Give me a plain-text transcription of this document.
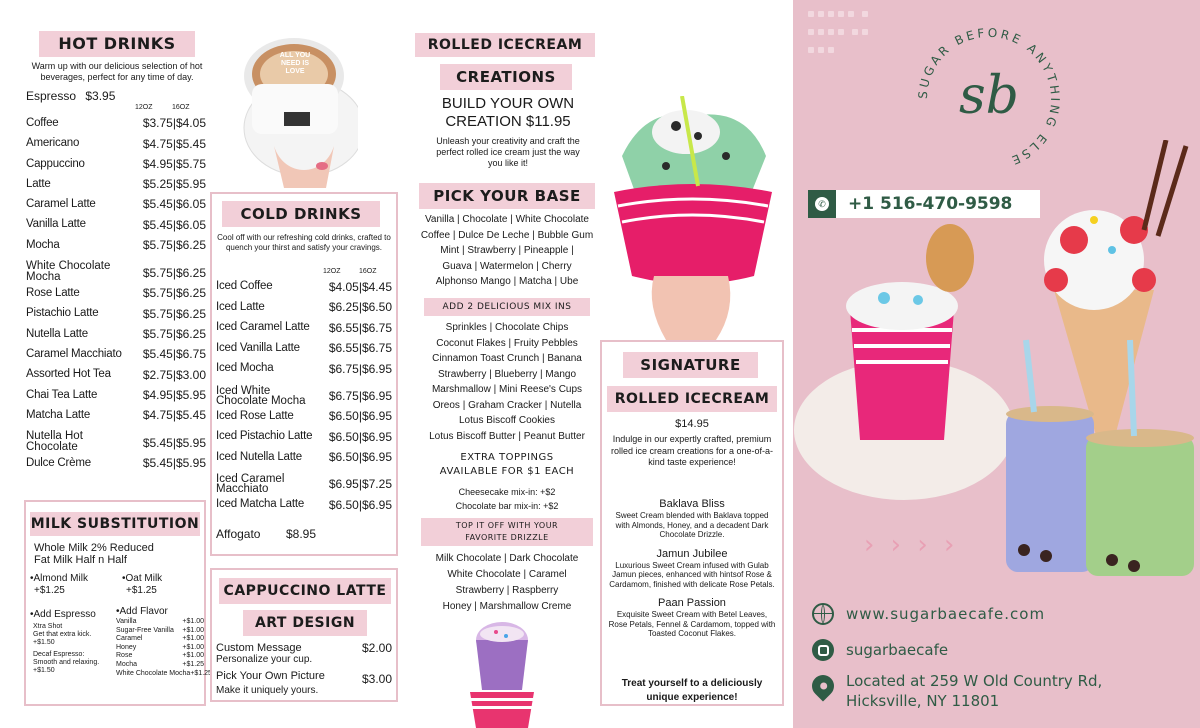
HOT DRINKS
Warm up with our delicious selection of hot beverages, perfect for any time of day.
Espresso $3.95
12OZ	16OZ
Coffee	$3.75|$4.05
Americano	$4.75|$5.45
Cappuccino	$4.95|$5.75
Latte	$5.25|$5.95
Caramel Latte	$5.45|$6.05
Vanilla Latte	$5.45|$6.05
Mocha	$5.75|$6.25
White Chocolate Mocha	$5.75|$6.25
Rose Latte	$5.75|$6.25
Pistachio Latte	$5.75|$6.25
Nutella Latte	$5.75|$6.25
Caramel Macchiato $5.45|$6.75
Assorted Hot Tea	$2.75|$3.00
Chai Tea Latte	$4.95|$5.95
Matcha Latte	$4.75|$5.45
Nutella Hot Chocolate	$5.45|$5.95
Dulce Crème	$5.45|$5.95
MILK SUBSTITUTION
Whole Milk 2% Reduced
Fat Milk Half n Half
•Almond Milk
+$1.25
•Oat Milk
+$1.25
•Add Espresso
Xtra Shot
Get that extra kick.
+$1.50
Decaf Espresso:
Smooth and relaxing.
+$1.50
•Add Flavor
Vanilla	+$1.00
Sugar-Free Vanilla +$1.00
Caramel	+$1.00
Honey	+$1.00
Rose	+$1.00
Mocha	+$1.25
White Chocolate Mocha +$1.25
ALL YOU NEED IS LOVE
COLD DRINKS
Cool off with our refreshing cold drinks, crafted to quench your thirst and satisfy your cravings.
12OZ	16OZ
Iced Coffee	$4.05|$4.45
Iced Latte	$6.25|$6.50
Iced Caramel Latte $6.55|$6.75
Iced Vanilla Latte $6.55|$6.75
Iced Mocha	$6.75|$6.95
Iced White Chocolate Mocha	$6.75|$6.95
Iced Rose Latte	$6.50|$6.95
Iced Pistachio Latte $6.50|$6.95
Iced Nutella Latte $6.50|$6.95
Iced Caramel Macchiato	$6.95|$7.25
Iced Matcha Latte $6.50|$6.95
Affogato $8.95
CAPPUCCINO LATTE
ART DESIGN
Custom Message	$2.00
Personalize your cup.
Pick Your Own Picture	$3.00
Make it uniquely yours.
ROLLED ICECREAM
CREATIONS
BUILD YOUR OWN
CREATION $11.95
Unleash your creativity and craft the perfect rolled ice cream just the way you like it!
PICK YOUR BASE
Vanilla | Chocolate | White Chocolate
Coffee | Dulce De Leche | Bubble Gum
Mint | Strawberry | Pineapple |
Guava | Watermelon | Cherry
Alphonso Mango | Matcha | Ube
ADD 2 DELICIOUS MIX INS
Sprinkles | Chocolate Chips
Coconut Flakes | Fruity Pebbles
Cinnamon Toast Crunch | Banana
Strawberry | Blueberry | Mango
Marshmallow | Mini Reese's Cups
Oreos | Graham Cracker | Nutella
Lotus Biscoff Cookies
Lotus Biscoff Butter | Peanut Butter
EXTRA TOPPINGS
AVAILABLE FOR $1 EACH
Cheesecake mix-in: +$2
Chocolate bar mix-in: +$2
TOP IT OFF WITH YOUR
FAVORITE DRIZZLE
Milk Chocolate | Dark Chocolate
White Chocolate | Caramel
Strawberry | Raspberry
Honey | Marshmallow Creme
SIGNATURE
ROLLED ICECREAM
$14.95
Indulge in our expertly crafted, premium rolled ice cream creations for a one-of-a-kind taste experience!
Baklava Bliss
Sweet Cream blended with Baklava topped with Almonds, Honey, and a decadent Dark Chocolate Drizzle.
Jamun Jubilee
Luxurious Sweet Cream infused with Gulab Jamun pieces, enhanced with hintsof Rose & Cardamom, finished with delicate Rose Petals.
Paan Passion
Exquisite Sweet Cream with Betel Leaves, Rose Petals, Fennel & Cardamom, topped with Toasted Coconut Flakes.
Treat yourself to a deliciously unique experience!

SUGAR BEFORE ANYTHING ELSE
sb
✆ +1 516-470-9598
› › › ›
www.sugarbaecafe.com
sugarbaecafe
Located at 259 W Old Country Rd,
Hicksville, NY 11801
